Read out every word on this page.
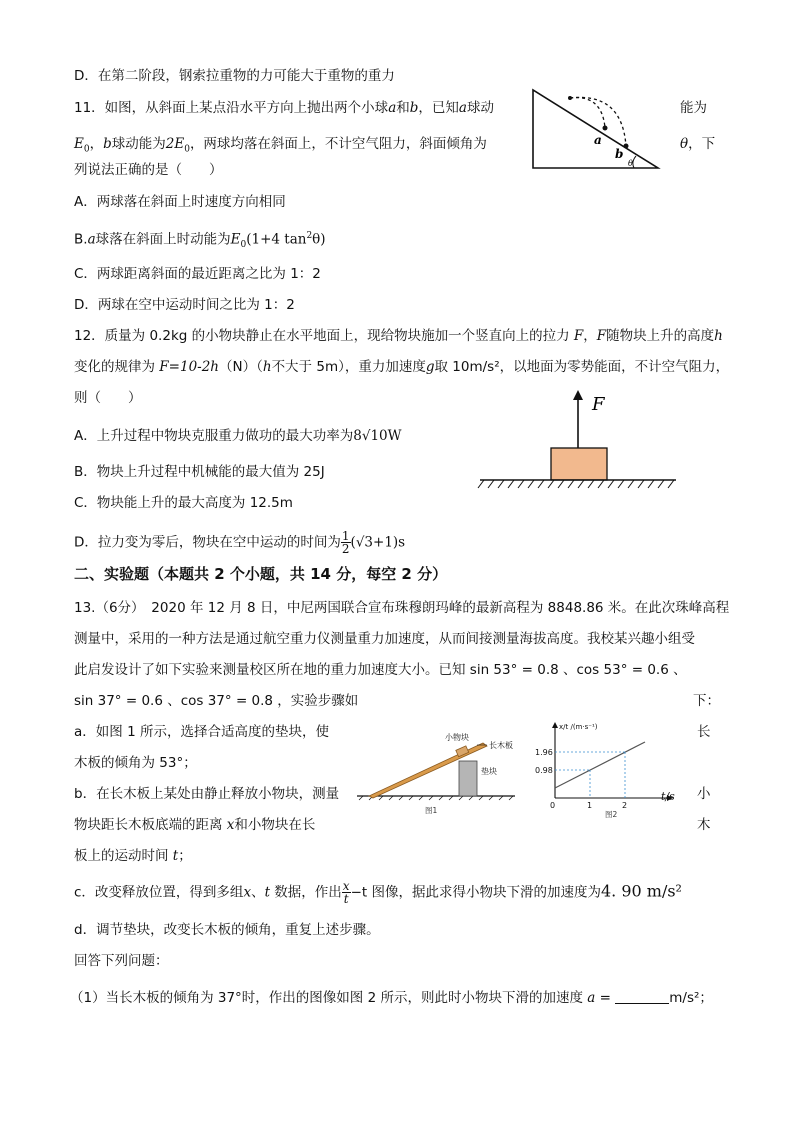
D．在第二阶段，钢索拉重物的力可能大于重物的重力
11．如图，从斜面上某点沿水平方向上抛出两个小球a和b，已知a球动	能为
$E_0$，b球动能为$2E_0$，两球均落在斜面上，不计空气阻力，斜面倾角为	θ，下
列说法正确的是（　　）
A．两球落在斜面上时速度方向相同
B.a球落在斜面上时动能为$E_0(1+4$ $\tan^2\theta$)
C．两球距离斜面的最近距离之比为 1：2
D．两球在空中运动时间之比为 1：2
a
b
θ
12．质量为 0.2kg 的小物块静止在水平地面上，现给物块施加一个竖直向上的拉力 F，F随物块上升的高度h
变化的规律为 F=10-2h（N）（h不大于 5m），重力加速度g取 10m/s²，以地面为零势能面，不计空气阻力，
则（　　）
A．上升过程中物块克服重力做功的最大功率为8√10W
B．物块上升过程中机械能的最大值为 25J
C．物块能上升的最大高度为 12.5m
D．拉力变为零后，物块在空中运动的时间为 $\frac{1}{2} (√3+1)s$
F
二、实验题（本题共 2 个小题，共 14 分，每空 2 分）
13.（6分）　2020 年 12 月 8 日，中尼两国联合宣布珠穆朗玛峰的最新高程为 8848.86 米。在此次珠峰高程
测量中，采用的一种方法是通过航空重力仪测量重力加速度，从而间接测量海拔高度。我校某兴趣小组受
此启发设计了如下实验来测量校区所在地的重力加速度大小。已知 sin 53° = 0.8 、cos 53° = 0.6 、
sin 37° = 0.6 、cos 37° = 0.8 ，实验步骤如	下：
a．如图 1 所示，选择合适高度的垫块，使	长
木板的倾角为 53°；
b．在长木板上某处由静止释放小物块，测量	小
物块距长木板底端的距离 x和小物块在长	木
板上的运动时间 t；
c．改变释放位置，得到多组x、t 数据，作出 $\frac{x}{t} -t$ 图像，据此求得小物块下滑的加速度为4. 90 m/s²
d．调节垫块，改变长木板的倾角，重复上述步骤。
回答下列问题：
（1）当长木板的倾角为 37°时，作出的图像如图 2 所示，则此时小物块下滑的加速度 a =	m/s²；
小物块
长木板
垫块
图1
x/t /(m·s⁻¹)
t/s
1.96
0.98
0	1	2
图2
